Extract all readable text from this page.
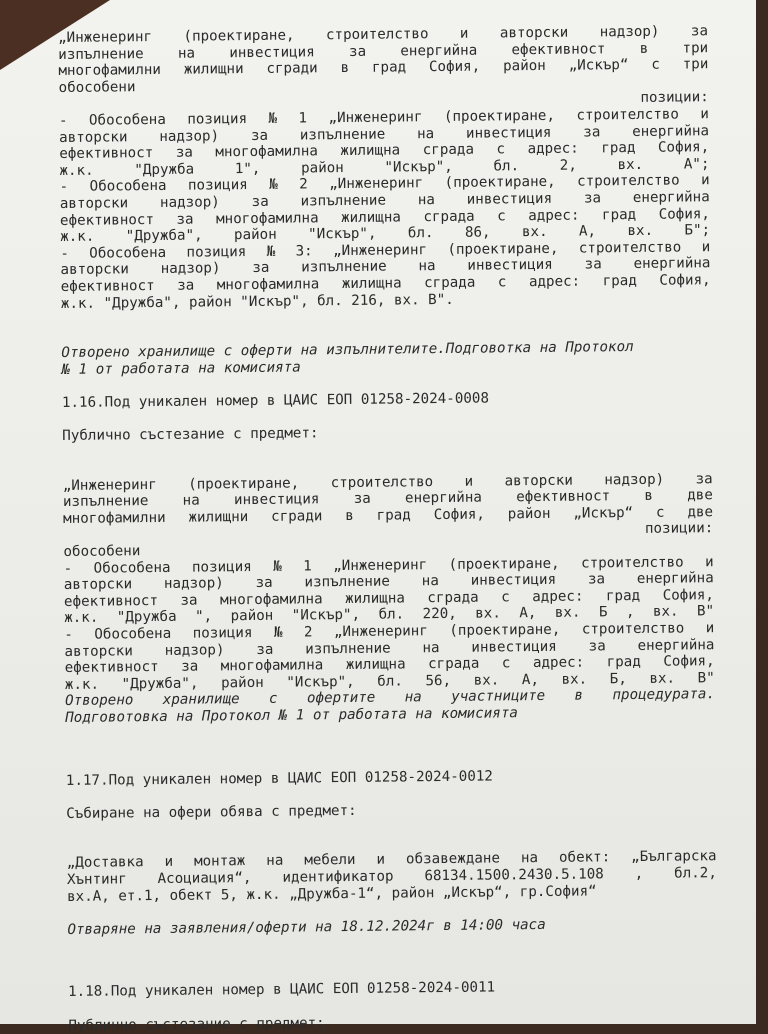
„Инженеринг (проектиране, строителство и авторски надзор) за
изпълнение на инвестиция за енергийна ефективност в три
многофамилни жилищни сгради в град София, район „Искър“ с три
обособени
позиции:
- Обособена позиция № 1 „Инженеринг (проектиране, строителство и
авторски надзор) за изпълнение на инвестиция за енергийна
ефективност за многофамилна жилищна сграда с адрес: град София,
ж.к.	"Дружба	1",	район	"Искър",	бл.	2,	вх.	А";
- Обособена позиция № 2 „Инженеринг (проектиране, строителство и
авторски надзор) за изпълнение на инвестиция за енергийна
ефективност за многофамилна жилищна сграда с адрес: град София,
ж.к. "Дружба", район "Искър", бл. 86, вх. А, вх. Б";
- Обособена позиция № 3: „Инженеринг (проектиране, строителство и
авторски надзор) за изпълнение на инвестиция за енергийна
ефективност за многофамилна жилищна сграда с адрес: град София,
ж.к. "Дружба", район "Искър", бл. 216, вх. В".
Отворено хранилище с оферти на изпълнителите.Подговотка на Протокол
№ 1 от работата на комисията
1.16.Под уникален номер в ЦАИС ЕОП 01258-2024-0008
Публично състезание с предмет:
„Инженеринг (проектиране, строителство и авторски надзор) за
изпълнение на инвестиция за енергийна ефективност в две
многофамилни жилищни сгради в град София, район „Искър“ с две
позиции:
обособени
- Обособена позиция № 1 „Инженеринг (проектиране, строителство и
авторски надзор) за изпълнение на инвестиция за енергийна
ефективност за многофамилна жилищна сграда с адрес: град София,
ж.к. "Дружба ", район "Искър", бл. 220, вх. А, вх. Б , вх. В"
- Обособена позиция № 2 „Инженеринг (проектиране, строителство и
авторски надзор) за изпълнение на инвестиция за енергийна
ефективност за многофамилна жилищна сграда с адрес: град София,
ж.к. "Дружба", район "Искър", бл. 56, вх. А, вх. Б, вх. В"
Отворено хранилище с офертите на участниците в процедурата.
Подговотовка на Протокол № 1 от работата на комисията
1.17.Под уникален номер в ЦАИС ЕОП 01258-2024-0012
Събиране на офери обява с предмет:
„Доставка и монтаж на мебели и обзавеждане на обект: „Българска
Хънтинг Асоциация“, идентификатор 68134.1500.2430.5.108 , бл.2,
вх.А, ет.1, обект 5, ж.к. „Дружба-1“, район „Искър“, гр.София“
Отваряне на заявления/оферти на 18.12.2024г в 14:00 часа
1.18.Под уникален номер в ЦАИС ЕОП 01258-2024-0011
Публично състезание с предмет:
